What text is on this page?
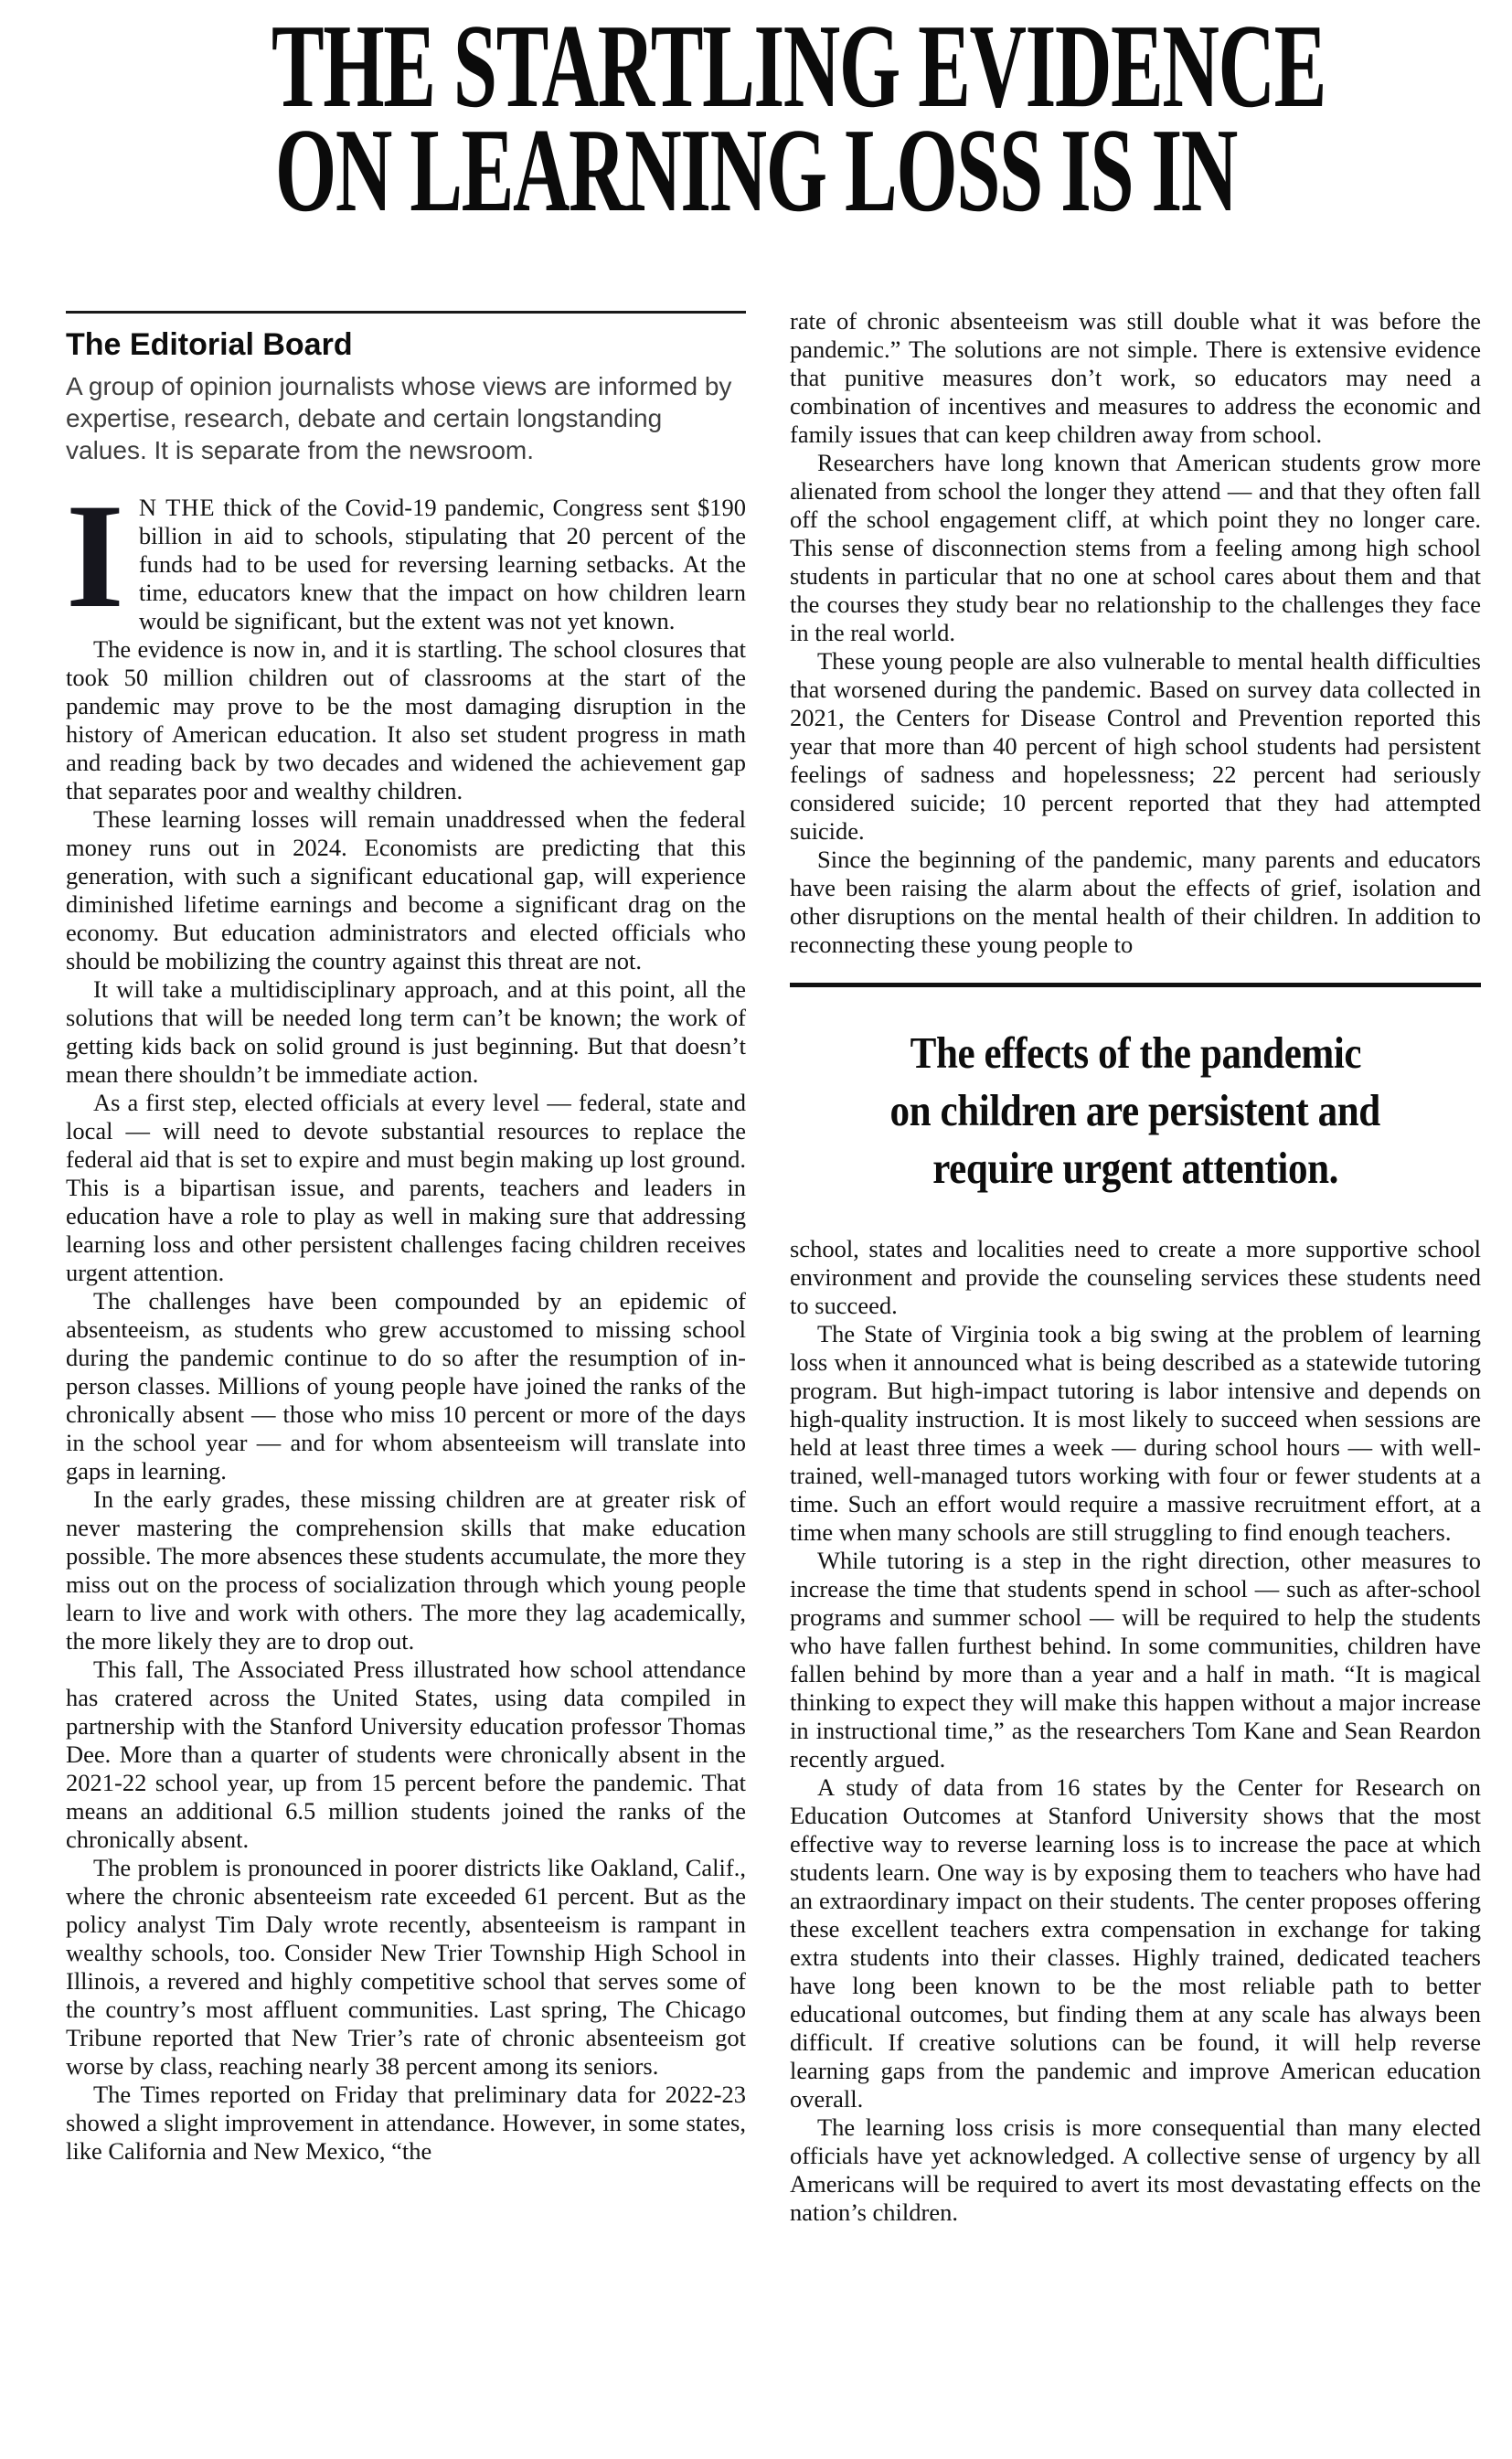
THE STARTLING EVIDENCE
ON LEARNING LOSS IS IN
The Editorial Board

A group of opinion journalists whose views are informed by expertise, research, debate and certain longstanding values. It is separate from the newsroom.

I N THE thick of the Covid-19 pandemic, Congress sent $190 billion in aid to schools, stipulating that 20 percent of the funds had to be used for reversing learning setbacks. At the time, educators knew that the impact on how children learn would be significant, but the extent was not yet known.

The evidence is now in, and it is startling. The school closures that took 50 million children out of classrooms at the start of the pandemic may prove to be the most damaging disruption in the history of American education. It also set student progress in math and reading back by two decades and widened the achievement gap that separates poor and wealthy children.

These learning losses will remain unaddressed when the federal money runs out in 2024. Economists are predicting that this generation, with such a significant educational gap, will experience diminished lifetime earnings and become a significant drag on the economy. But education administrators and elected officials who should be mobilizing the country against this threat are not.

It will take a multidisciplinary approach, and at this point, all the solutions that will be needed long term can’t be known; the work of getting kids back on solid ground is just beginning. But that doesn’t mean there shouldn’t be immediate action.

As a first step, elected officials at every level — federal, state and local — will need to devote substantial resources to replace the federal aid that is set to expire and must begin making up lost ground. This is a bipartisan issue, and parents, teachers and leaders in education have a role to play as well in making sure that addressing learning loss and other persistent challenges facing children receives urgent attention.

The challenges have been compounded by an epidemic of absenteeism, as students who grew accustomed to missing school during the pandemic continue to do so after the resumption of in-person classes. Millions of young people have joined the ranks of the chronically absent — those who miss 10 percent or more of the days in the school year — and for whom absenteeism will translate into gaps in learning.

In the early grades, these missing children are at greater risk of never mastering the comprehension skills that make education possible. The more absences these students accumulate, the more they miss out on the process of socialization through which young people learn to live and work with others. The more they lag academically, the more likely they are to drop out.

This fall, The Associated Press illustrated how school attendance has cratered across the United States, using data compiled in partnership with the Stanford University education professor Thomas Dee. More than a quarter of students were chronically absent in the 2021-22 school year, up from 15 percent before the pandemic. That means an additional 6.5 million students joined the ranks of the chronically absent.

The problem is pronounced in poorer districts like Oakland, Calif., where the chronic absenteeism rate exceeded 61 percent. But as the policy analyst Tim Daly wrote recently, absenteeism is rampant in wealthy schools, too. Consider New Trier Township High School in Illinois, a revered and highly competitive school that serves some of the country’s most affluent communities. Last spring, The Chicago Tribune reported that New Trier’s rate of chronic absenteeism got worse by class, reaching nearly 38 percent among its seniors.

The Times reported on Friday that preliminary data for 2022-23 showed a slight improvement in attendance. However, in some states, like California and New Mexico, “the

rate of chronic absenteeism was still double what it was before the pandemic.” The solutions are not simple. There is extensive evidence that punitive measures don’t work, so educators may need a combination of incentives and measures to address the economic and family issues that can keep children away from school.

Researchers have long known that American students grow more alienated from school the longer they attend — and that they often fall off the school engagement cliff, at which point they no longer care. This sense of disconnection stems from a feeling among high school students in particular that no one at school cares about them and that the courses they study bear no relationship to the challenges they face in the real world.

These young people are also vulnerable to mental health difficulties that worsened during the pandemic. Based on survey data collected in 2021, the Centers for Disease Control and Prevention reported this year that more than 40 percent of high school students had persistent feelings of sadness and hopelessness; 22 percent had seriously considered suicide; 10 percent reported that they had attempted suicide.

Since the beginning of the pandemic, many parents and educators have been raising the alarm about the effects of grief, isolation and other disruptions on the mental health of their children. In addition to reconnecting these young people to

The effects of the pandemic
on children are persistent and
require urgent attention.

school, states and localities need to create a more supportive school environment and provide the counseling services these students need to succeed.

The State of Virginia took a big swing at the problem of learning loss when it announced what is being described as a statewide tutoring program. But high-impact tutoring is labor intensive and depends on high-quality instruction. It is most likely to succeed when sessions are held at least three times a week — during school hours — with well-trained, well-managed tutors working with four or fewer students at a time. Such an effort would require a massive recruitment effort, at a time when many schools are still struggling to find enough teachers.

While tutoring is a step in the right direction, other measures to increase the time that students spend in school — such as after-school programs and summer school — will be required to help the students who have fallen furthest behind. In some communities, children have fallen behind by more than a year and a half in math. “It is magical thinking to expect they will make this happen without a major increase in instructional time,” as the researchers Tom Kane and Sean Reardon recently argued.

A study of data from 16 states by the Center for Research on Education Outcomes at Stanford University shows that the most effective way to reverse learning loss is to increase the pace at which students learn. One way is by exposing them to teachers who have had an extraordinary impact on their students. The center proposes offering these excellent teachers extra compensation in exchange for taking extra students into their classes. Highly trained, dedicated teachers have long been known to be the most reliable path to better educational outcomes, but finding them at any scale has always been difficult. If creative solutions can be found, it will help reverse learning gaps from the pandemic and improve American education overall.

The learning loss crisis is more consequential than many elected officials have yet acknowledged. A collective sense of urgency by all Americans will be required to avert its most devastating effects on the nation’s children.
